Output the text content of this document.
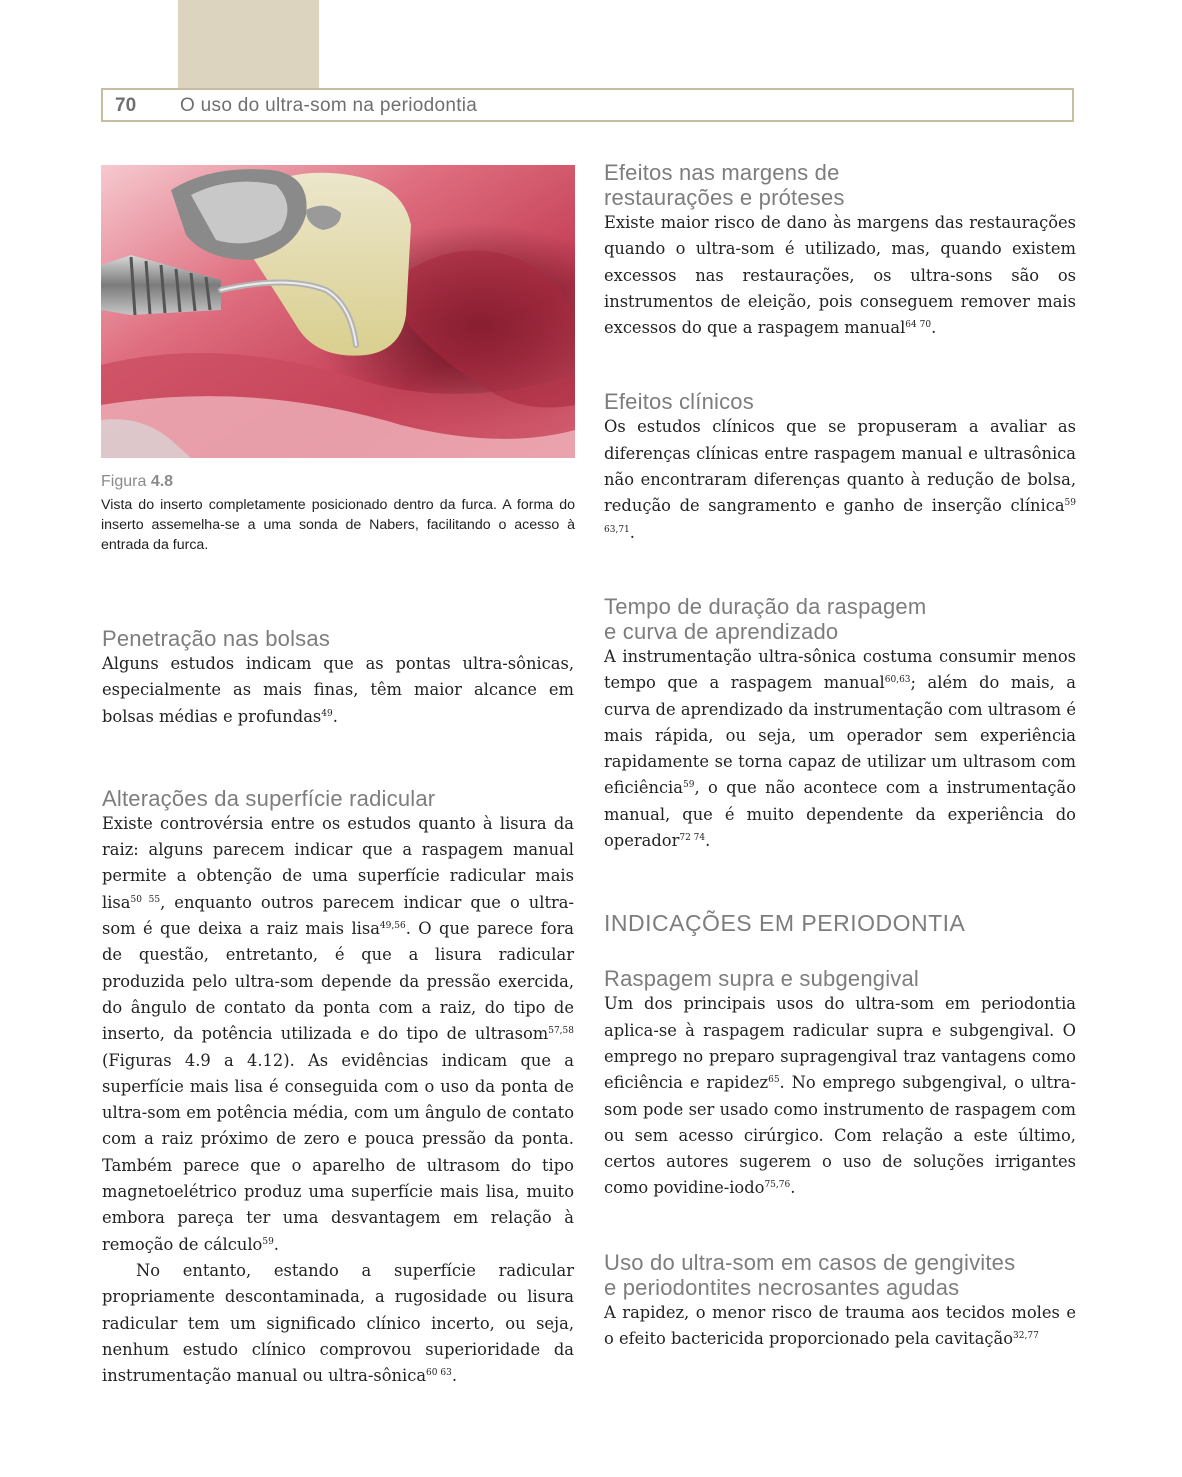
70 O uso do ultra-som na periodontia
Figura 4.8

Vista do inserto completamente posicionado dentro da furca. A forma do inserto assemelha-se a uma sonda de Nabers, facilitando o acesso à entrada da furca.

Penetração nas bolsas

Alguns estudos indicam que as pontas ultra-sônicas, especialmente as mais finas, têm maior alcance em bolsas médias e profundas$^{49}$.

Alterações da superfície radicular

Existe controvérsia entre os estudos quanto à lisura da raiz: alguns parecem indicar que a raspagem manual permite a obtenção de uma superfície radicular mais lisa$^{50 55}$, enquanto outros parecem indicar que o ultra-som é que deixa a raiz mais lisa$^{49,56}$. O que parece fora de questão, entretanto, é que a lisura radicular produzida pelo ultra-som depende da pressão exercida, do ângulo de contato da ponta com a raiz, do tipo de inserto, da potência utilizada e do tipo de ultrasom$^{57,58}$ (Figuras 4.9 a 4.12). As evidências indicam que a superfície mais lisa é conseguida com o uso da ponta de ultra-som em potência média, com um ângulo de contato com a raiz próximo de zero e pouca pressão da ponta. Também parece que o aparelho de ultrasom do tipo magnetoelétrico produz uma superfície mais lisa, muito embora pareça ter uma desvantagem em relação à remoção de cálculo$^{59}$.

No entanto, estando a superfície radicular propriamente descontaminada, a rugosidade ou lisura radicular tem um significado clínico incerto, ou seja, nenhum estudo clínico comprovou superioridade da instrumentação manual ou ultra-sônica$^{60 63}$.

Efeitos nas margens de
restaurações e próteses

Existe maior risco de dano às margens das restaurações quando o ultra-som é utilizado, mas, quando existem excessos nas restaurações, os ultra-sons são os instrumentos de eleição, pois conseguem remover mais excessos do que a raspagem manual$^{64 70}$.

Efeitos clínicos

Os estudos clínicos que se propuseram a avaliar as diferenças clínicas entre raspagem manual e ultrasônica não encontraram diferenças quanto à redução de bolsa, redução de sangramento e ganho de inserção clínica$^{59 63,71}$.

Tempo de duração da raspagem
e curva de aprendizado

A instrumentação ultra-sônica costuma consumir menos tempo que a raspagem manual$^{60,63}$; além do mais, a curva de aprendizado da instrumentação com ultrasom é mais rápida, ou seja, um operador sem experiência rapidamente se torna capaz de utilizar um ultrasom com eficiência$^{59}$, o que não acontece com a instrumentação manual, que é muito dependente da experiência do operador$^{72 74}$.

INDICAÇÕES EM PERIODONTIA
Raspagem supra e subgengival

Um dos principais usos do ultra-som em periodontia aplica-se à raspagem radicular supra e subgengival. O emprego no preparo supragengival traz vantagens como eficiência e rapidez$^{65}$. No emprego subgengival, o ultra-som pode ser usado como instrumento de raspagem com ou sem acesso cirúrgico. Com relação a este último, certos autores sugerem o uso de soluções irrigantes como povidine-iodo$^{75,76}$.

Uso do ultra-som em casos de gengivites
e periodontites necrosantes agudas

A rapidez, o menor risco de trauma aos tecidos moles e o efeito bactericida proporcionado pela cavitação$^{32,77}$
